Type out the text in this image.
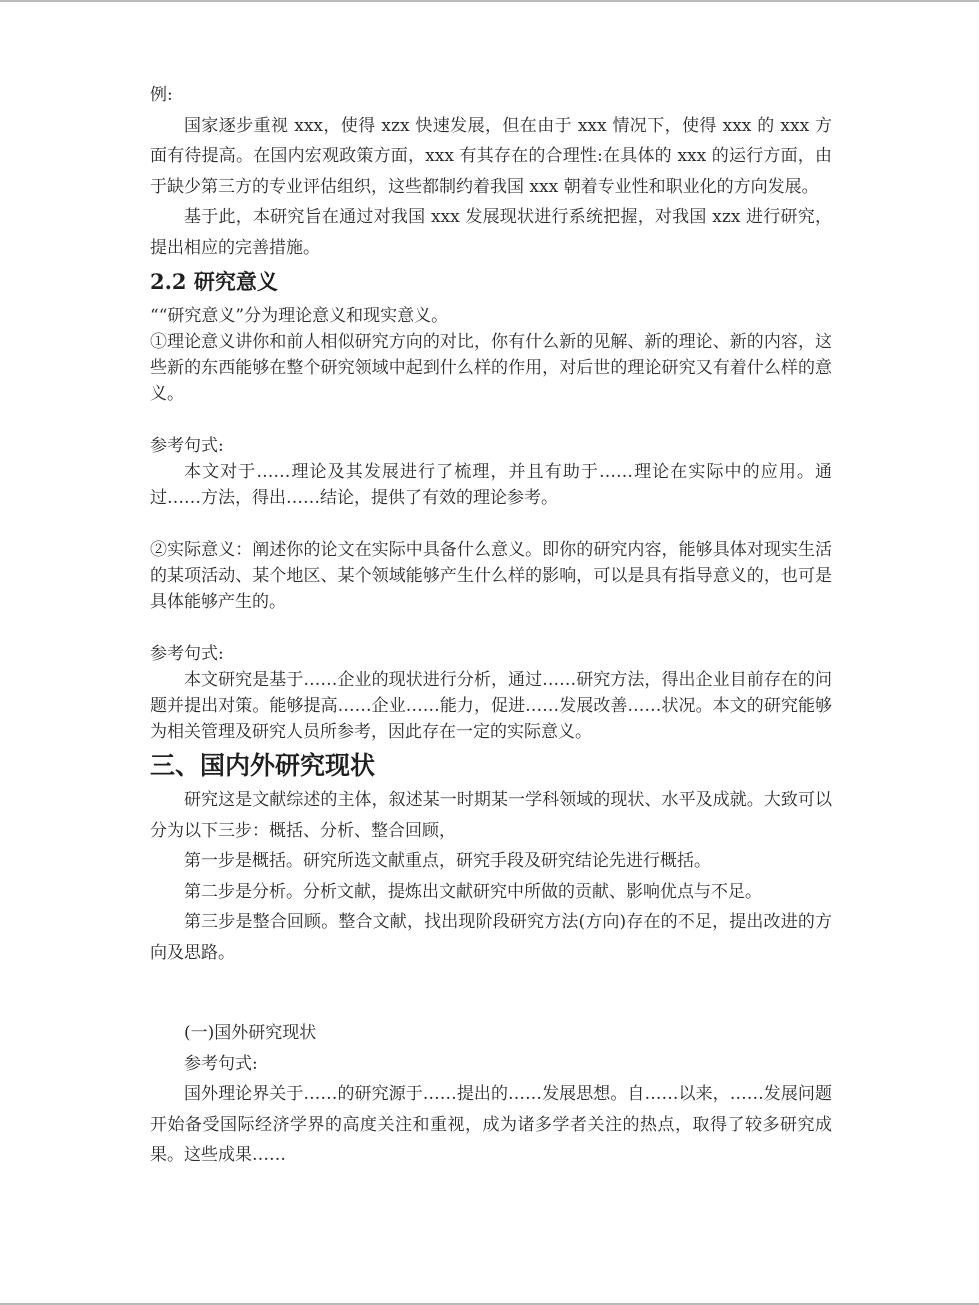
例:

国家逐步重视 xxx，使得 xzx 快速发展，但在由于 xxx 情况下，使得 xxx 的 xxx 方面有待提高。在国内宏观政策方面，xxx 有其存在的合理性:在具体的 xxx 的运行方面，由于缺少第三方的专业评估组织，这些都制约着我国 xxx 朝着专业性和职业化的方向发展。

基于此，本研究旨在通过对我国 xxx 发展现状进行系统把握，对我国 xzx 进行研究，提出相应的完善措施。

2.2 研究意义

““研究意义”分为理论意义和现实意义。

①理论意义讲你和前人相似研究方向的对比，你有什么新的见解、新的理论、新的内容，这些新的东西能够在整个研究领域中起到什么样的作用，对后世的理论研究又有着什么样的意义。

参考句式:

本文对于……理论及其发展进行了梳理，并且有助于……理论在实际中的应用。通过……方法，得出……结论，提供了有效的理论参考。

②实际意义：阐述你的论文在实际中具备什么意义。即你的研究内容，能够具体对现实生活的某项活动、某个地区、某个领域能够产生什么样的影响，可以是具有指导意义的，也可是具体能够产生的。

参考句式:

本文研究是基于……企业的现状进行分析，通过……研究方法，得出企业目前存在的问题并提出对策。能够提高……企业……能力，促进……发展改善……状况。本文的研究能够为相关管理及研究人员所参考，因此存在一定的实际意义。

三、国内外研究现状

研究这是文献综述的主体，叙述某一时期某一学科领域的现状、水平及成就。大致可以分为以下三步：概括、分析、整合回顾，

第一步是概括。研究所选文献重点，研究手段及研究结论先进行概括。

第二步是分析。分析文献，提炼出文献研究中所做的贡献、影响优点与不足。

第三步是整合回顾。整合文献，找出现阶段研究方法(方向)存在的不足，提出改进的方向及思路。

(一)国外研究现状

参考句式:

国外理论界关于……的研究源于……提出的……发展思想。自……以来，……发展问题开始备受国际经济学界的高度关注和重视，成为诸多学者关注的热点，取得了较多研究成果。这些成果……
